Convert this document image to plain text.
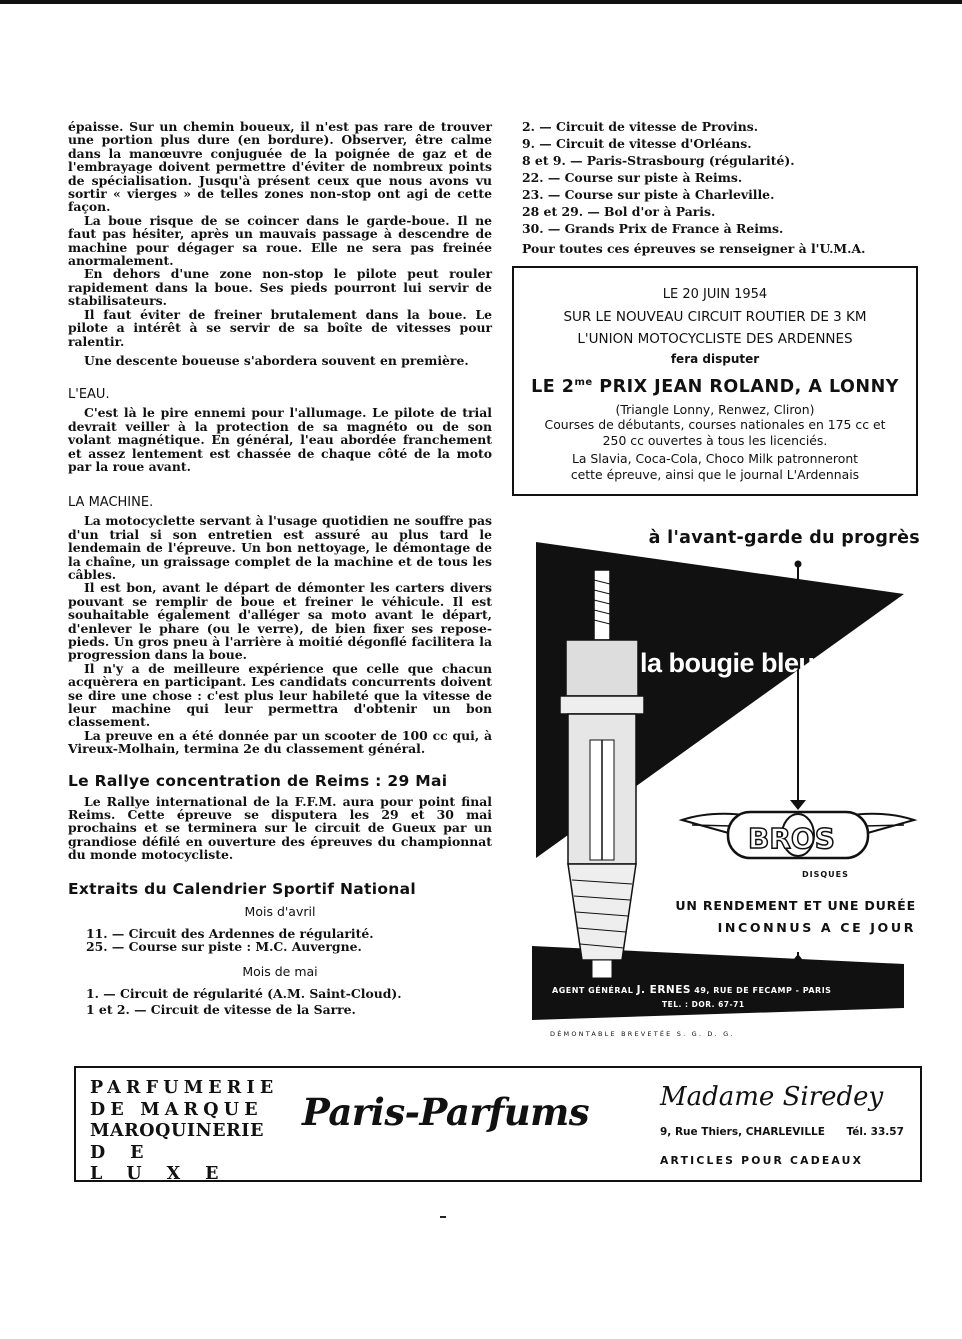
épaisse. Sur un chemin boueux, il n'est pas rare de trouver une portion plus dure (en bordure). Observer, être calme dans la manœuvre conjuguée de la poignée de gaz et de l'embrayage doivent permettre d'éviter de nombreux points de spécialisation. Jusqu'à présent ceux que nous avons vu sortir « vierges » de telles zones non-stop ont agi de cette façon.

La boue risque de se coincer dans le garde-boue. Il ne faut pas hésiter, après un mauvais passage à descendre de machine pour dégager sa roue. Elle ne sera pas freinée anormalement.

En dehors d'une zone non-stop le pilote peut rouler rapidement dans la boue. Ses pieds pourront lui servir de stabilisateurs.

Il faut éviter de freiner brutalement dans la boue. Le pilote a intérêt à se servir de sa boîte de vitesses pour ralentir.

Une descente boueuse s'abordera souvent en première.

L'EAU.

C'est là le pire ennemi pour l'allumage. Le pilote de trial devrait veiller à la protection de sa magnéto ou de son volant magnétique. En général, l'eau abordée franchement et assez lentement est chassée de chaque côté de la moto par la roue avant.

LA MACHINE.

La motocyclette servant à l'usage quotidien ne souffre pas d'un trial si son entretien est assuré au plus tard le lendemain de l'épreuve. Un bon nettoyage, le démontage de la chaîne, un graissage complet de la machine et de tous les câbles.

Il est bon, avant le départ de démonter les carters divers pouvant se remplir de boue et freiner le véhicule. Il est souhaitable également d'alléger sa moto avant le départ, d'enlever le phare (ou le verre), de bien fixer ses repose-pieds. Un gros pneu à l'arrière à moitié dégonflé facilitera la progression dans la boue.

Il n'y a de meilleure expérience que celle que chacun acquèrera en participant. Les candidats concurrents doivent se dire une chose : c'est plus leur habileté que la vitesse de leur machine qui leur permettra d'obtenir un bon classement.

La preuve en a été donnée par un scooter de 100 cc qui, à Vireux-Molhain, termina 2e du classement général.

Le Rallye concentration de Reims : 29 Mai

Le Rallye international de la F.F.M. aura pour point final Reims. Cette épreuve se disputera les 29 et 30 mai prochains et se terminera sur le circuit de Gueux par un grandiose défilé en ouverture des épreuves du championnat du monde motocycliste.

Extraits du Calendrier Sportif National
Mois d'avril

11. — Circuit des Ardennes de régularité.

25. — Course sur piste : M.C. Auvergne.

Mois de mai

1. — Circuit de régularité (A.M. Saint-Cloud).

1 et 2. — Circuit de vitesse de la Sarre.

2. — Circuit de vitesse de Provins.

9. — Circuit de vitesse d'Orléans.

8 et 9. — Paris-Strasbourg (régularité).

22. — Course sur piste à Reims.

23. — Course sur piste à Charleville.

28 et 29. — Bol d'or à Paris.

30. — Grands Prix de France à Reims.

Pour toutes ces épreuves se renseigner à l'U.M.A.

LE 20 JUIN 1954
SUR LE NOUVEAU CIRCUIT ROUTIER DE 3 KM
L'UNION MOTOCYCLISTE DES ARDENNES
fera disputer
LE $2^{me}$ PRIX JEAN ROLAND, A LONNY
(Triangle Lonny, Renwez, Cliron)
Courses de débutants, courses nationales en 175 cc et
250 cc ouvertes à tous les licenciés.
La Slavia, Coca-Cola, Choco Milk patronneront
cette épreuve, ainsi que le journal L'Ardennais
BROS
à l'avant-garde du progrès
la bougie bleue
DISQUES
UN RENDEMENT ET UNE DURÉE
INCONNUS A CE JOUR
AGENT GÉNÉRAL J. ERNES 49, RUE DE FECAMP - PARIS
TEL. : DOR. 67-71
DÉMONTABLE BREVETÉE S. G. D. G.
PARFUMERIE
DE MARQUE
MAROQUINERIE
DE LUXE
Paris-Parfums	Madame Siredey
9, Rue Thiers, CHARLEVILLE Tél. 33.57
ARTICLES POUR CADEAUX
